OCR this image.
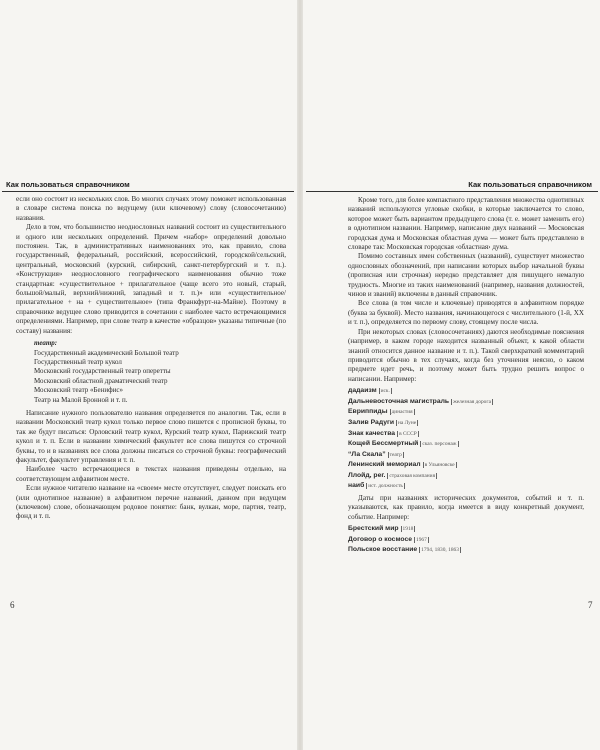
Как пользоваться справочником

если оно состоит из нескольких слов. Во многих случаях этому поможет использованная в словаре система поиска по ведущему (или ключевому) слову (словосочетанию) названия.

Дело в том, что большинство неоднословных названий состоит из существительного и одного или нескольких определений. Причем «набор» определений довольно постоянен. Так, в административных наименованиях это, как правило, слова государственный, федеральный, российский, всероссийский, городской/сельский, центральный, московский (курский, сибирский, санкт-петербургский и т. п.). «Конструкция» неоднословного географического наименования обычно тоже стандартная: «существительное + прилагательное (чаще всего это новый, старый, большой/малый, верхний/нижний, западный и т. п.)» или «существительное/прилагательное + на + существительное» (типа Франкфурт-на-Майне). Поэтому в справочнике ведущее слово приводится в сочетании с наиболее часто встречающимися определениями. Например, при слове театр в качестве «образцов» указаны типичные (по составу) названия:

театр:
Государственный академический Большой театр
Государственный театр кукол
Московский государственный театр оперетты
Московский областной драматический театр
Московский театр «Бенифис»
Театр на Малой Бронной и т. п.

Написание нужного пользователю названия определяется по аналогии. Так, если в названии Московский театр кукол только первое слово пишется с прописной буквы, то так же будут писаться: Орловский театр кукол, Курский театр кукол, Парижский театр кукол и т. п. Если в названии химический факультет все слова пишутся со строчной буквы, то и в названиях все слова должны писаться со строчной буквы: географический факультет, факультет управления и т. п.

Наиболее часто встречающиеся в текстах названия приведены отдельно, на соответствующем алфавитном месте.

Если нужное читателю название на «своем» месте отсутствует, следует поискать его (или однотипное название) в алфавитном перечне названий, данном при ведущем (ключевом) слове, обозначающем родовое понятие: банк, вулкан, море, партия, театр, фонд и т. п.

6
Как пользоваться справочником

Кроме того, для более компактного представления множества однотипных названий используются угловые скобки, в которые заключается то слово, которое может быть вариантом предыдущего слова (т. е. может заменить его) в однотипном названии. Например, написание двух названий — Московская городская дума и Московская областная дума — может быть представлено в словаре так: Московская городская ‹областная› дума.

Помимо составных имен собственных (названий), существует множество однословных обозначений, при написании которых выбор начальной буквы (прописная или строчная) нередко представляет для пишущего немалую трудность. Многие из таких наименований (например, названия должностей, чинов и званий) включены в данный справочник.

Все слова (в том числе и ключевые) приводятся в алфавитном порядке (буква за буквой). Место названия, начинающегося с числительного (1-й, XX и т. п.), определяется по первому слову, стоящему после числа.

При некоторых словах (словосочетаниях) даются необходимые пояснения (например, в каком городе находится названный объект, к какой области знаний относится данное название и т. п.). Такой сверхкраткий комментарий приводится обычно в тех случаях, когда без уточнения неясно, о каком предмете идет речь, и поэтому может быть трудно решить вопрос о написании. Например:

дадаизм иск.
Дальневосточная магистраль железная дорога
Евриппиды династия
Залив Радуги на Луне
Знак качества в СССР
Кощей Бессмертный сказ. персонаж
“Ла Скала” театр
Ленинский мемориал в Ульяновске
Ллойд, рег. страховая компания
наиб ист. должность

Даты при названиях исторических документов, событий и т. п. указываются, как правило, когда имеется в виду конкретный документ, событие. Например:

Брестский мир 1918
Договор о космосе 1967
Польское восстание 1794, 1830, 1863
7
